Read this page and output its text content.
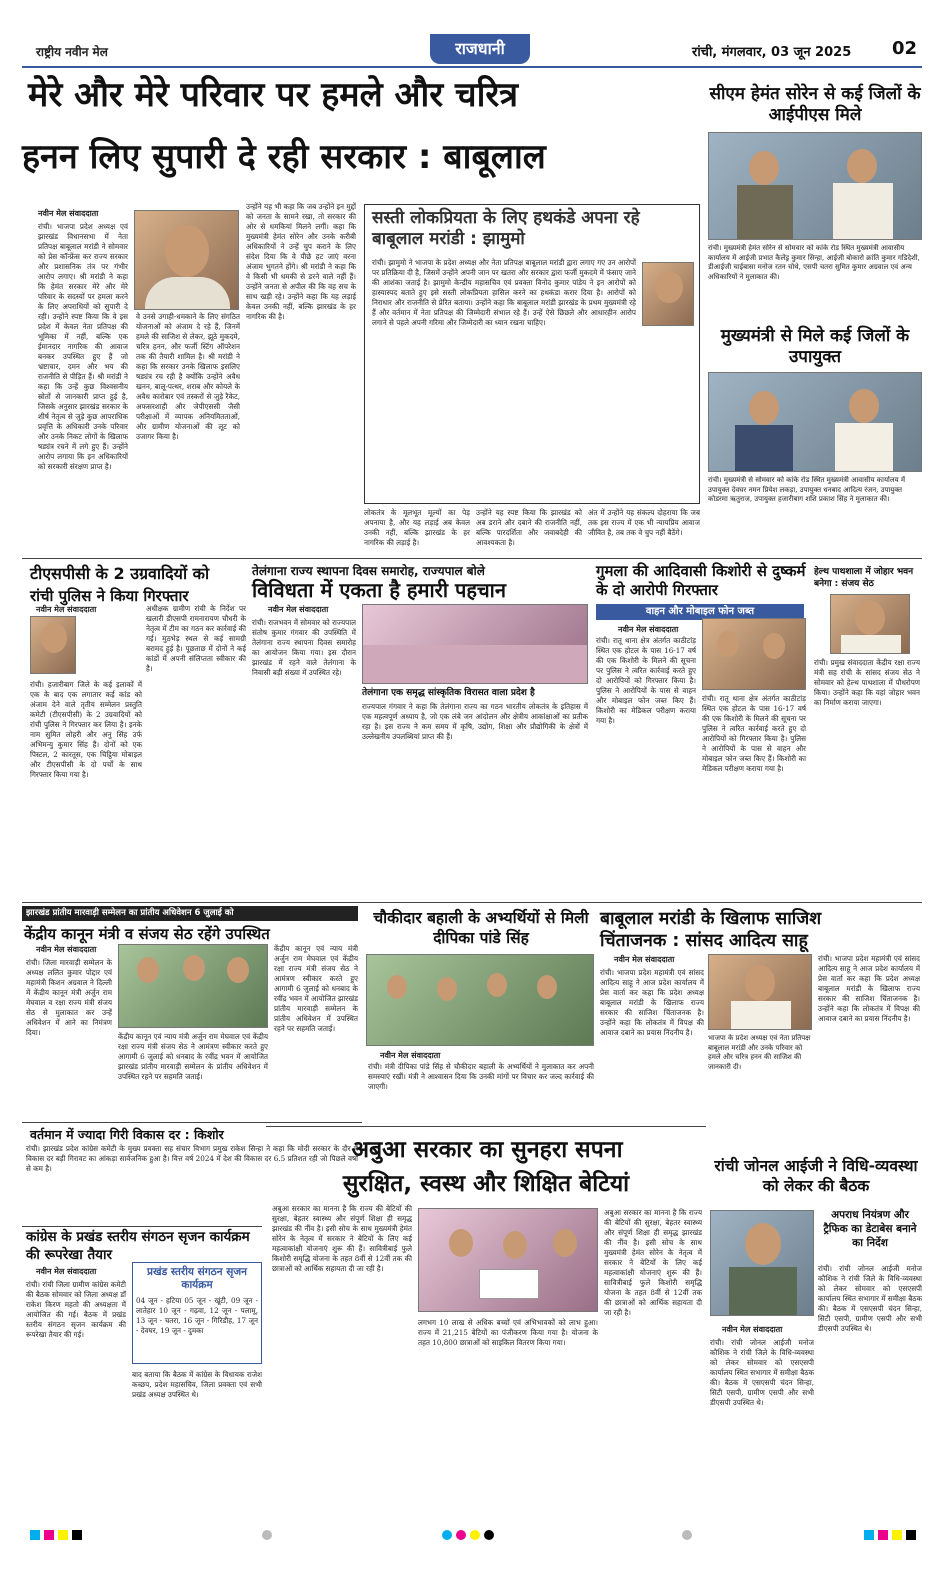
राष्ट्रीय नवीन मेल	राजधानी	रांची, मंगलवार, 03 जून 2025 02
मेरे और मेरे परिवार पर हमले और चरित्र
हनन लिए सुपारी दे रही सरकार : बाबूलाल
नवीन मेल संवाददाता
रांची। भाजपा प्रदेश अध्यक्ष एवं झारखंड विधानसभा में नेता प्रतिपक्ष बाबूलाल मरांडी ने सोमवार को प्रेस कॉन्फ्रेंस कर राज्य सरकार और प्रशासनिक तंत्र पर गंभीर आरोप लगाए। श्री मरांडी ने कहा कि हेमंत सरकार मेरे और मेरे परिवार के सदस्यों पर हमला करने के लिए अपराधियों को सुपारी दे रही। उन्होंने स्पष्ट किया कि वे इस प्रदेश में केवल नेता प्रतिपक्ष की भूमिका में नहीं, बल्कि एक ईमानदार नागरिक की आवाज बनकर उपस्थित हुए हैं जो भ्रष्टाचार, दमन और भय की राजनीति से पीड़ित हैं। श्री मरांडी ने कहा कि उन्हें कुछ विश्वसनीय स्रोतों से जानकारी प्राप्त हुई है, जिसके अनुसार झारखंड सरकार के शीर्ष नेतृत्व से जुड़े कुछ आपराधिक प्रवृत्ति के अधिकारी उनके परिवार और उनके निकट लोगों के खिलाफ षड्यंत्र रचने में लगे हुए हैं। उन्होंने आरोप लगाया कि इन अधिकारियों को सरकारी संरक्षण प्राप्त है।
वे उनसे उगाही-धमकाने के लिए संगठित योजनाओं को अंजाम दे रहे हैं, जिनमें हमले की साजिश से लेकर, झूठे मुकदमे, चरित्र हनन, और फर्जी स्टिंग ऑपरेशन तक की तैयारी शामिल है। श्री मरांडी ने कहा कि सरकार उनके खिलाफ इसलिए षड्यंत्र रच रही है क्योंकि उन्होंने अवैध खनन, बालू-पत्थर, शराब और कोयले के अवैध कारोबार एवं तस्करों से जुड़े रैकेट, अफसरशाही और जेपीएससी जैसी परीक्षाओं में व्यापक अनियमितताओं, और ग्रामीण योजनाओं की लूट को उजागर किया है।
उन्होंने यह भी कहा कि जब उन्होंने इन मुद्दों को जनता के सामने रखा, तो सरकार की ओर से धमकियां मिलने लगीं। कहा कि मुख्यमंत्री हेमंत सोरेन और उनके करीबी अधिकारियों ने उन्हें चुप कराने के लिए संदेश दिया कि वे पीछे हट जाएं वरना अंजाम भुगतने होंगे। श्री मरांडी ने कहा कि वे किसी भी धमकी से डरने वाले नहीं हैं। उन्होंने जनता से अपील की कि वह सच के साथ खड़ी रहे। उन्होंने कहा कि यह लड़ाई केवल उनकी नहीं, बल्कि झारखंड के हर नागरिक की है।
सस्ती लोकप्रियता के लिए हथकंडे अपना रहे बाबूलाल मरांडी : झामुमो
रांची। झामुमो ने भाजपा के प्रदेश अध्यक्ष और नेता प्रतिपक्ष बाबूलाल मरांडी द्वारा लगाए गए उन आरोपों पर प्रतिक्रिया दी है, जिसमें उन्होंने अपनी जान पर खतरा और सरकार द्वारा फर्जी मुकदमे में फंसाए जाने की आशंका जताई है। झामुमो केन्द्रीय महासचिव एवं प्रवक्ता विनोद कुमार पांडेय ने इन आरोपों को हास्यास्पद बताते हुए इसे सस्ती लोकप्रियता हासिल करने का हथकंडा करार दिया है। आरोपों को निराधार और राजनीति से प्रेरित बताया। उन्होंने कहा कि बाबूलाल मरांडी झारखंड के प्रथम मुख्यमंत्री रहे हैं और वर्तमान में नेता प्रतिपक्ष की जिम्मेदारी संभाल रहे हैं। उन्हें ऐसे छिछले और आधारहीन आरोप लगाने से पहले अपनी गरिमा और जिम्मेदारी का ध्यान रखना चाहिए।
लोकतंत्र के मूलभूत मूल्यों का पेड़ अपनाया है, और यह लड़ाई अब केवल उनकी नहीं, बल्कि झारखंड के हर नागरिक की लड़ाई है।
उन्होंने यह स्पष्ट किया कि झारखंड को अब डराने और दबाने की राजनीति नहीं, बल्कि पारदर्शिता और जवाबदेही की आवश्यकता है।
अंत में उन्होंने यह संकल्प दोहराया कि जब तक इस राज्य में एक भी न्यायप्रिय आवाज जीवित है, तब तक वे चुप नहीं बैठेंगे।
सीएम हेमंत सोरेन से कई जिलों के आईपीएस मिले
रांची। मुख्यमंत्री हेमंत सोरेन से सोमवार को कांके रोड स्थित मुख्यमंत्री आवासीय कार्यालय में आईजी प्रभात कैलेंड्र कुमार सिन्हा, आईजी बोकारो क्रांति कुमार गडिदेशी, डीआईजी चाईबासा मनोज रतन चोथे, एसपी चतरा सुमित कुमार अग्रवाल एवं अन्य अधिकारियों ने मुलाकात की।
मुख्यमंत्री से मिले कई जिलों के उपायुक्त
रांची। मुख्यमंत्री से सोमवार को कांके रोड स्थित मुख्यमंत्री आवासीय कार्यालय में उपायुक्त देवघर नमन प्रियेश लकड़ा, उपायुक्त धनबाद आदित्य रंजन, उपायुक्त कोडरमा ऋतुराज, उपायुक्त हजारीबाग शशि प्रकाश सिंह ने मुलाकात की।
टीएसपीसी के 2 उग्रवादियों को
रांची पुलिस ने किया गिरफ्तार
नवीन मेल संवाददाता
रांची। हजारीबाग जिले के कई इलाकों में एक के बाद एक लगातार कई कांड को अंजाम देने वाले तृतीय सम्मेलन प्रस्तुति कमेटी (टीएसपीसी) के 2 उग्रवादियों को रांची पुलिस ने गिरफ्तार कर लिया है। इनके नाम सुमित लोहरी और अनु सिंह उर्फ अभिमन्यु कुमार सिंह हैं। दोनों को एक पिस्टल, 2 कारतूस, एक चिट्ठिया मोबाइल और टीएसपीसी के दो पर्चों के साथ गिरफ्तार किया गया है।
अधीक्षक ग्रामीण रांची के निर्देश पर खलारी डीएसपी रामनारायण चौधरी के नेतृत्व में टीम का गठन कर कार्रवाई की गई। मुठभेड़ स्थल से कई सामग्री बरामद हुई है। पूछताछ में दोनों ने कई कांडों में अपनी संलिप्तता स्वीकार की है।
तेलंगाना राज्य स्थापना दिवस समारोह, राज्यपाल बोले
विविधता में एकता है हमारी पहचान
नवीन मेल संवाददाता
रांची। राजभवन में सोमवार को राज्यपाल संतोष कुमार गंगवार की उपस्थिति में तेलंगाना राज्य स्थापना दिवस समारोह का आयोजन किया गया। इस दौरान झारखंड में रहने वाले तेलंगाना के निवासी बड़ी संख्या में उपस्थित रहे।
तेलंगाना एक समृद्ध सांस्कृतिक विरासत वाला प्रदेश है
राज्यपाल गंगवार ने कहा कि तेलंगाना राज्य का गठन भारतीय लोकतंत्र के इतिहास में एक महत्वपूर्ण अध्याय है, जो एक लंबे जन आंदोलन और क्षेत्रीय आकांक्षाओं का प्रतीक रहा है। इस राज्य ने कम समय में कृषि, उद्योग, शिक्षा और प्रौद्योगिकी के क्षेत्रों में उल्लेखनीय उपलब्धियां प्राप्त की हैं।
गुमला की आदिवासी किशोरी से दुष्कर्म के दो आरोपी गिरफ्तार
वाहन और मोबाइल फोन जब्त
नवीन मेल संवाददाता
रांची। रातू थाना क्षेत्र अंतर्गत काठीटांड़ स्थित एक होटल के पास 16-17 वर्ष की एक किशोरी के मिलने की सूचना पर पुलिस ने त्वरित कार्रवाई करते हुए दो आरोपियों को गिरफ्तार किया है। पुलिस ने आरोपियों के पास से वाहन और मोबाइल फोन जब्त किए हैं। किशोरी का मेडिकल परीक्षण कराया गया है।
रांची। रातू थाना क्षेत्र अंतर्गत काठीटांड़ स्थित एक होटल के पास 16-17 वर्ष की एक किशोरी के मिलने की सूचना पर पुलिस ने त्वरित कार्रवाई करते हुए दो आरोपियों को गिरफ्तार किया है। पुलिस ने आरोपियों के पास से वाहन और मोबाइल फोन जब्त किए हैं। किशोरी का मेडिकल परीक्षण कराया गया है।
हेल्थ पाथशाला में जोहार भवन बनेगा : संजय सेठ
रांची। प्रमुख संवाददाता केंद्रीय रक्षा राज्य मंत्री सह रांची के सांसद संजय सेठ ने सोमवार को हेल्थ पाथशाला में पौधरोपण किया। उन्होंने कहा कि यहां जोहार भवन का निर्माण कराया जाएगा।
झारखंड प्रांतीय मारवाड़ी सम्मेलन का प्रांतीय अधिवेशन 6 जुलाई को
केंद्रीय कानून मंत्री व संजय सेठ रहेंगे उपस्थित
नवीन मेल संवाददाता
रांची। जिला मारवाड़ी सम्मेलन के अध्यक्ष ललित कुमार पोद्दार एवं महामंत्री किशन अग्रवाल ने दिल्ली में केंद्रीय कानून मंत्री अर्जुन राम मेघवाल व रक्षा राज्य मंत्री संजय सेठ से मुलाकात कर उन्हें अधिवेशन में आने का निमंत्रण दिया।
केंद्रीय कानून एवं न्याय मंत्री अर्जुन राम मेघवाल एवं केंद्रीय रक्षा राज्य मंत्री संजय सेठ ने आमंत्रण स्वीकार करते हुए आगामी 6 जुलाई को धनबाद के रवींद्र भवन में आयोजित झारखंड प्रांतीय मारवाड़ी सम्मेलन के प्रांतीय अधिवेशन में उपस्थित रहने पर सहमति जताई।
केंद्रीय कानून एवं न्याय मंत्री अर्जुन राम मेघवाल एवं केंद्रीय रक्षा राज्य मंत्री संजय सेठ ने आमंत्रण स्वीकार करते हुए आगामी 6 जुलाई को धनबाद के रवींद्र भवन में आयोजित झारखंड प्रांतीय मारवाड़ी सम्मेलन के प्रांतीय अधिवेशन में उपस्थित रहने पर सहमति जताई।
वर्तमान में ज्यादा गिरी विकास दर : किशोर
रांची। झारखंड प्रदेश कांग्रेस कमेटी के मुख्य प्रवक्ता सह संचार विभाग प्रमुख राकेश सिन्हा ने कहा कि मोदी सरकार के दौर में विकास दर बड़ी गिरावट का आंकड़ा सार्वजनिक हुआ है। वित्त वर्ष 2024 में देश की विकास दर 6.5 प्रतिशत रही जो पिछले वर्षों से कम है।
कांग्रेस के प्रखंड स्तरीय संगठन सृजन कार्यक्रम की रूपरेखा तैयार
नवीन मेल संवाददाता
रांची। रांची जिला ग्रामीण कांग्रेस कमेटी की बैठक सोमवार को जिला अध्यक्ष डॉ राकेश किरण महतो की अध्यक्षता में आयोजित की गई। बैठक में प्रखंड स्तरीय संगठन सृजन कार्यक्रम की रूपरेखा तैयार की गई।
प्रखंड स्तरीय संगठन सृजन कार्यक्रम
04 जून - हटिया 05 जून - खूंटी, 09 जून - लातेहार 10 जून - गढ़वा, 12 जून - पलामू, 13 जून - चतरा, 16 जून - गिरिडीह, 17 जून - देवघर, 19 जून - दुमका
बाद बताया कि बैठक में कांग्रेस के विधायक राजेश कच्छप, प्रदेश महासचिव, जिला प्रवक्ता एवं सभी प्रखंड अध्यक्ष उपस्थित थे।
चौकीदार बहाली के अभ्यर्थियों से मिली दीपिका पांडे सिंह
नवीन मेल संवाददाता
रांची। मंत्री दीपिका पांडे सिंह से चौकीदार बहाली के अभ्यर्थियों ने मुलाकात कर अपनी समस्याएं रखीं। मंत्री ने आश्वासन दिया कि उनकी मांगों पर विचार कर जल्द कार्रवाई की जाएगी।
बाबूलाल मरांडी के खिलाफ साजिश
चिंताजनक : सांसद आदित्य साहू
नवीन मेल संवाददाता
रांची। भाजपा प्रदेश महामंत्री एवं सांसद आदित्य साहू ने आज प्रदेश कार्यालय में प्रेस वार्ता कर कहा कि प्रदेश अध्यक्ष बाबूलाल मरांडी के खिलाफ राज्य सरकार की साजिश चिंताजनक है। उन्होंने कहा कि लोकतंत्र में विपक्ष की आवाज दबाने का प्रयास निंदनीय है।
भाजपा के प्रदेश अध्यक्ष एवं नेता प्रतिपक्ष बाबूलाल मरांडी और उनके परिवार को हमले और चरित्र हनन की साजिश की जानकारी दी।
रांची। भाजपा प्रदेश महामंत्री एवं सांसद आदित्य साहू ने आज प्रदेश कार्यालय में प्रेस वार्ता कर कहा कि प्रदेश अध्यक्ष बाबूलाल मरांडी के खिलाफ राज्य सरकार की साजिश चिंताजनक है। उन्होंने कहा कि लोकतंत्र में विपक्ष की आवाज दबाने का प्रयास निंदनीय है।
अबुआ सरकार का सुनहरा सपना
सुरक्षित, स्वस्थ और शिक्षित बेटियां
अबुआ सरकार का मानना है कि राज्य की बेटियों की सुरक्षा, बेहतर स्वास्थ्य और संपूर्ण शिक्षा ही समृद्ध झारखंड की नींव है। इसी सोच के साथ मुख्यमंत्री हेमंत सोरेन के नेतृत्व में सरकार ने बेटियों के लिए कई महत्वाकांक्षी योजनाएं शुरू की हैं। सावित्रीबाई फुले किशोरी समृद्धि योजना के तहत 8वीं से 12वीं तक की छात्राओं को आर्थिक सहायता दी जा रही है।
लगभग 10 लाख से अधिक बच्चों एवं अभिभावकों को लाभ हुआ। राज्य में 21,215 बेटियों का पंजीकरण किया गया है। योजना के तहत 10,800 छात्राओं को साइकिल वितरण किया गया।
अबुआ सरकार का मानना है कि राज्य की बेटियों की सुरक्षा, बेहतर स्वास्थ्य और संपूर्ण शिक्षा ही समृद्ध झारखंड की नींव है। इसी सोच के साथ मुख्यमंत्री हेमंत सोरेन के नेतृत्व में सरकार ने बेटियों के लिए कई महत्वाकांक्षी योजनाएं शुरू की हैं। सावित्रीबाई फुले किशोरी समृद्धि योजना के तहत 8वीं से 12वीं तक की छात्राओं को आर्थिक सहायता दी जा रही है।
रांची जोनल आईजी ने विधि-व्यवस्था को लेकर की बैठक
अपराध नियंत्रण और ट्रैफिक का डेटाबेस बनाने का निर्देश
रांची। रांची जोनल आईजी मनोज कौशिक ने रांची जिले के विधि-व्यवस्था को लेकर सोमवार को एसएसपी कार्यालय स्थित सभागार में समीक्षा बैठक की। बैठक में एसएसपी चंदन सिन्हा, सिटी एसपी, ग्रामीण एसपी और सभी डीएसपी उपस्थित थे।
नवीन मेल संवाददाता
रांची। रांची जोनल आईजी मनोज कौशिक ने रांची जिले के विधि-व्यवस्था को लेकर सोमवार को एसएसपी कार्यालय स्थित सभागार में समीक्षा बैठक की। बैठक में एसएसपी चंदन सिन्हा, सिटी एसपी, ग्रामीण एसपी और सभी डीएसपी उपस्थित थे।
